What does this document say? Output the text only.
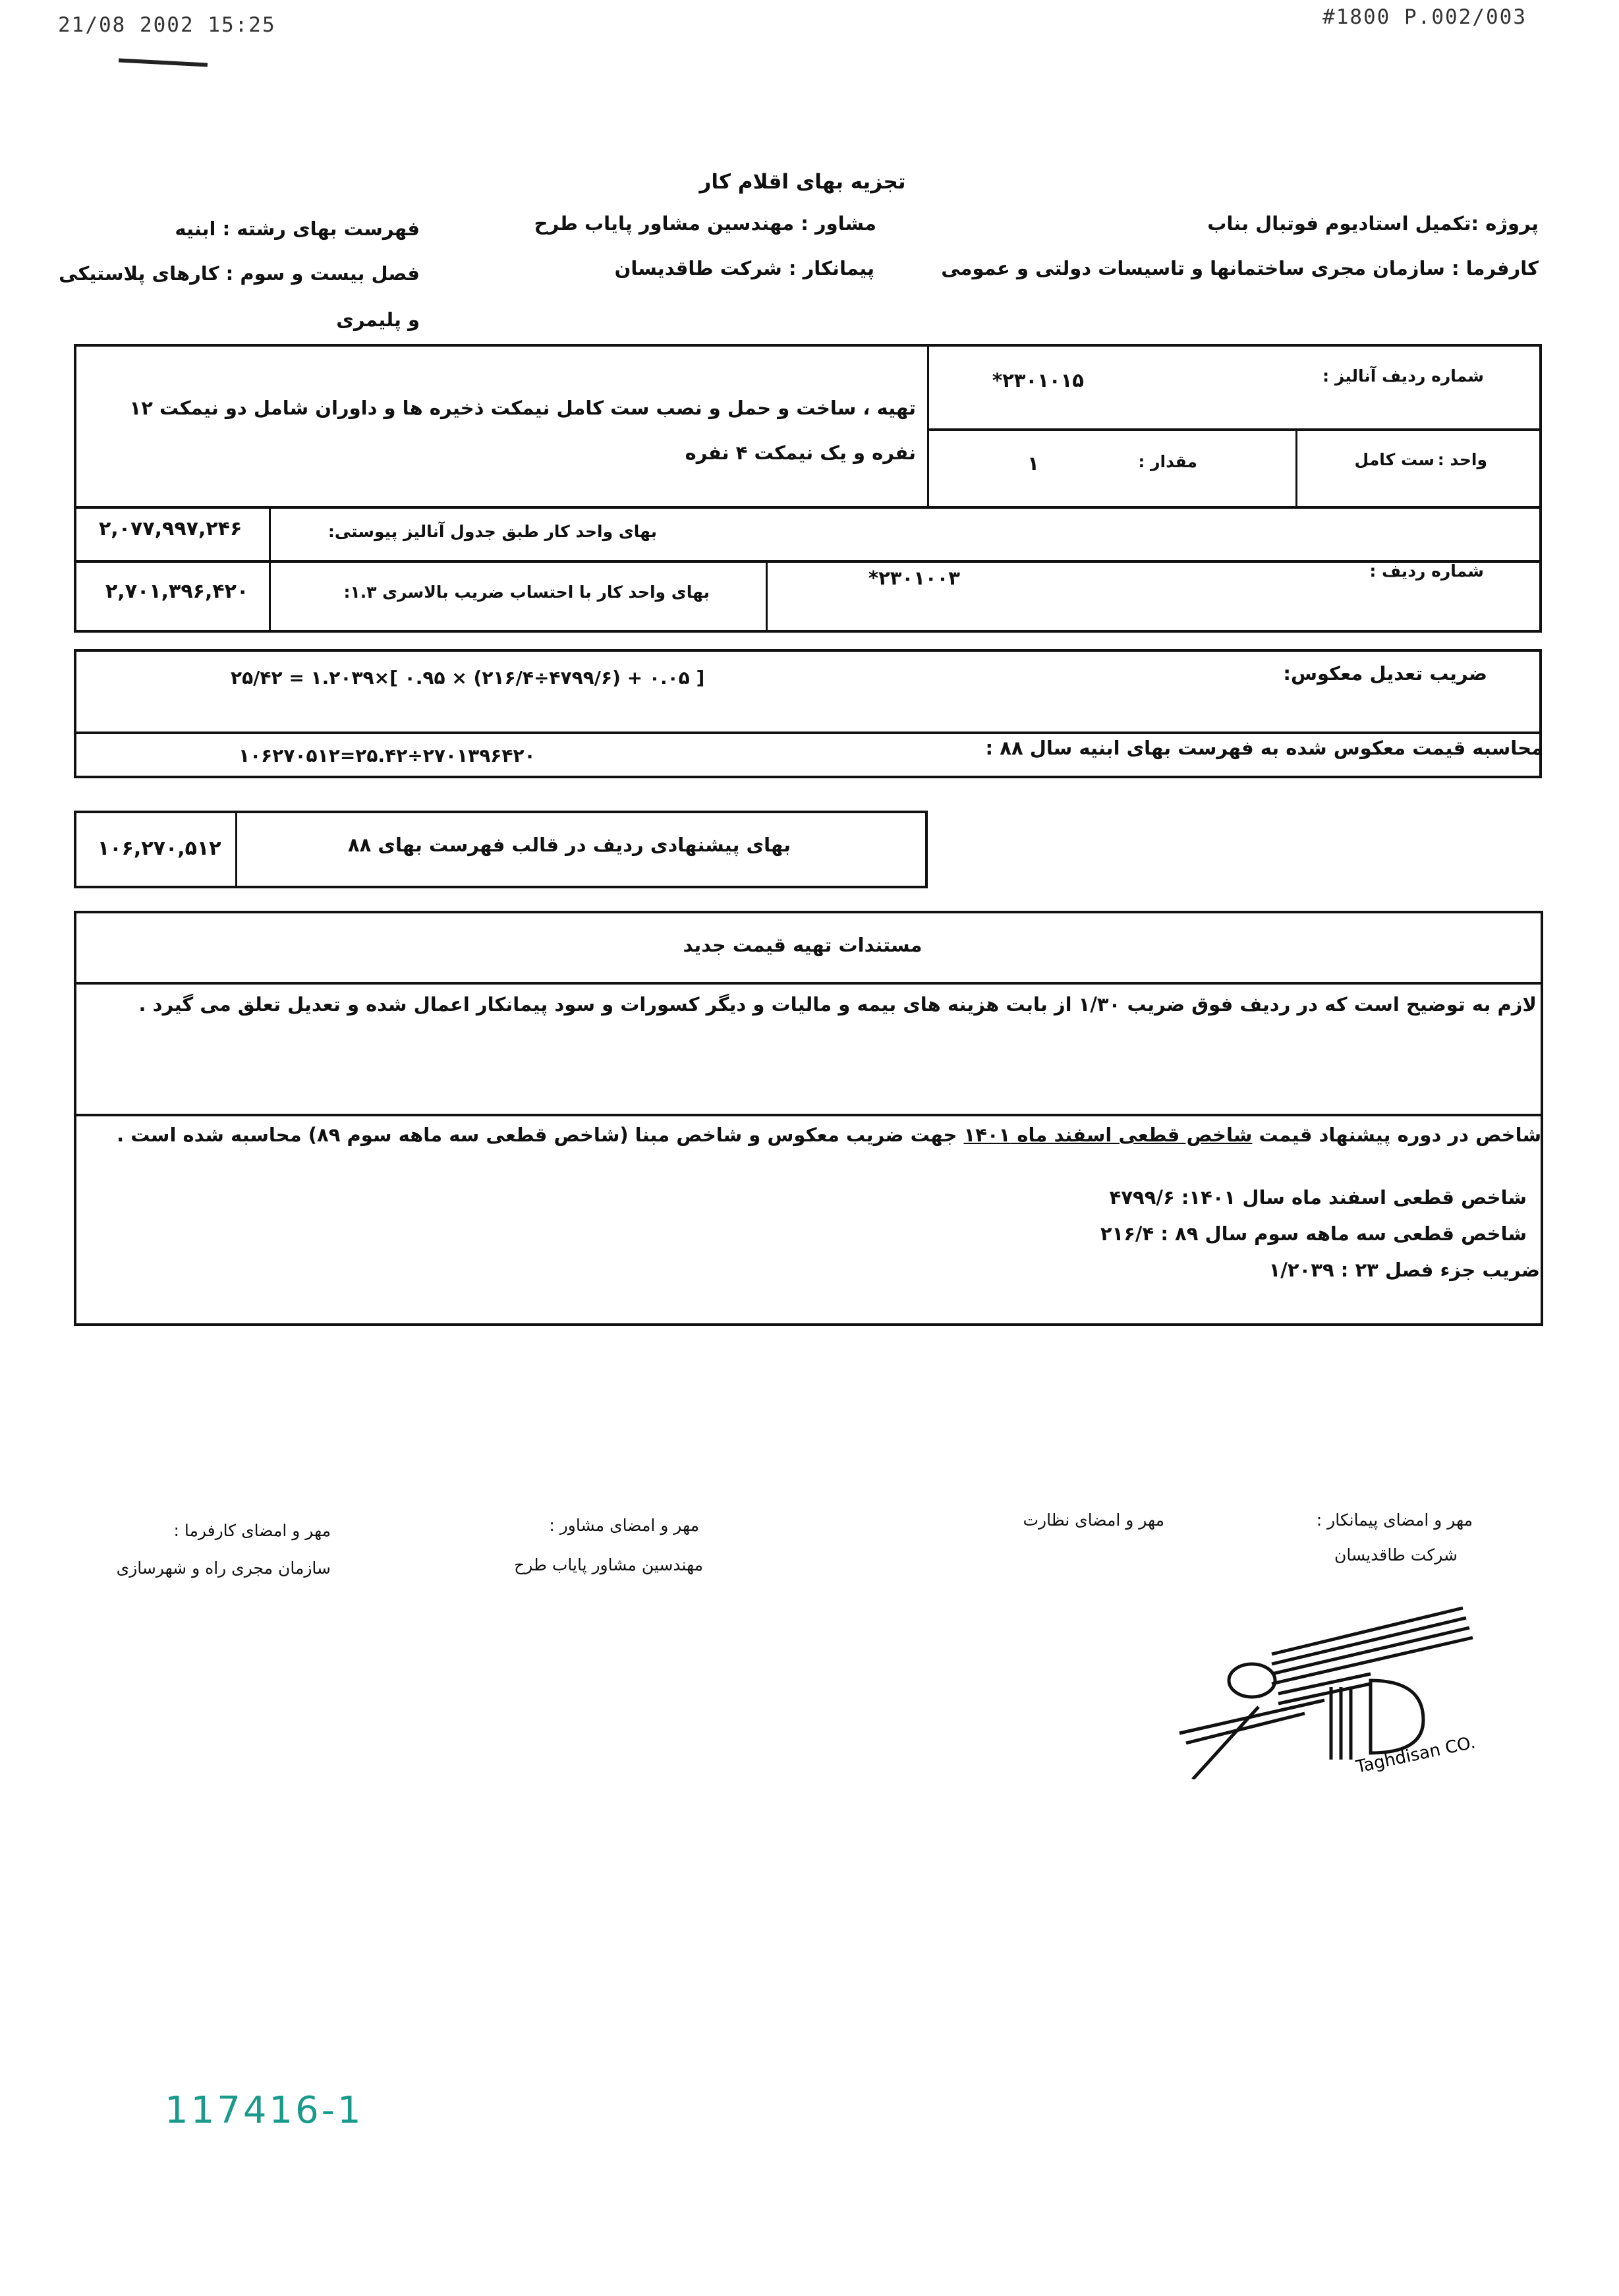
21/08 2002 15:25	#1800 P.002/003
تجزیه بهای اقلام کار
پروژه :تکمیل استادیوم فوتبال بناب
کارفرما : سازمان مجری ساختمانها و تاسیسات دولتی و عمومی
مشاور : مهندسین مشاور پایاب طرح
پیمانکار : شرکت طاقدیسان
فهرست بهای رشته : ابنیه
فصل بیست و سوم : کارهای پلاستیکی
و پلیمری
شماره ردیف آنالیز :
۲۳۰۱۰۱۵*
واحد :
ست کامل
مقدار :
۱
تهیه ، ساخت و حمل و نصب ست کامل نیمکت ذخیره ها و داوران شامل دو نیمکت ۱۲ نفره و یک نیمکت ۴ نفره
۲,۰۷۷,۹۹۷,۲۴۶	بهای واحد کار طبق جدول آنالیز پیوستی:
۲,۷۰۱,۳۹۶,۴۲۰	بهای واحد کار با احتساب ضریب بالاسری ۱.۳:
شماره ردیف :
۲۳۰۱۰۰۳*
ضریب تعدیل معکوس:
[ ۰.۰۵ + (۴۷۹۹/۶÷۲۱۶/۴) × ۰.۹۵ ]×۱.۲۰۳۹ = ۲۵/۴۲
محاسبه قیمت معکوس شده به فهرست بهای ابنیه سال ۸۸ :
۲۷۰۱۳۹۶۴۲۰÷۲۵.۴۲=۱۰۶۲۷۰۵۱۲
۱۰۶,۲۷۰,۵۱۲	بهای پیشنهادی ردیف در قالب فهرست بهای ۸۸
مستندات تهیه قیمت جدید
لازم به توضیح است که در ردیف فوق ضریب ۱/۳۰ از بابت هزینه های بیمه و مالیات و دیگر کسورات و سود پیمانکار اعمال شده و تعدیل تعلق می گیرد .
شاخص در دوره پیشنهاد قیمت شاخص قطعی اسفند ماه ۱۴۰۱ جهت ضریب معکوس و شاخص مبنا (شاخص قطعی سه ماهه سوم ۸۹) محاسبه شده است .
شاخص قطعی اسفند ماه سال ۱۴۰۱: ۴۷۹۹/۶
شاخص قطعی سه ماهه سوم سال ۸۹ : ۲۱۶/۴
ضریب جزء فصل ۲۳ : ۱/۲۰۳۹
مهر و امضای پیمانکار :
شرکت طاقدیسان
مهر و امضای نظارت
مهر و امضای مشاور :
مهندسین مشاور پایاب طرح
مهر و امضای کارفرما :
سازمان مجری راه و شهرسازی
Taghdisan CO.
117416-1
